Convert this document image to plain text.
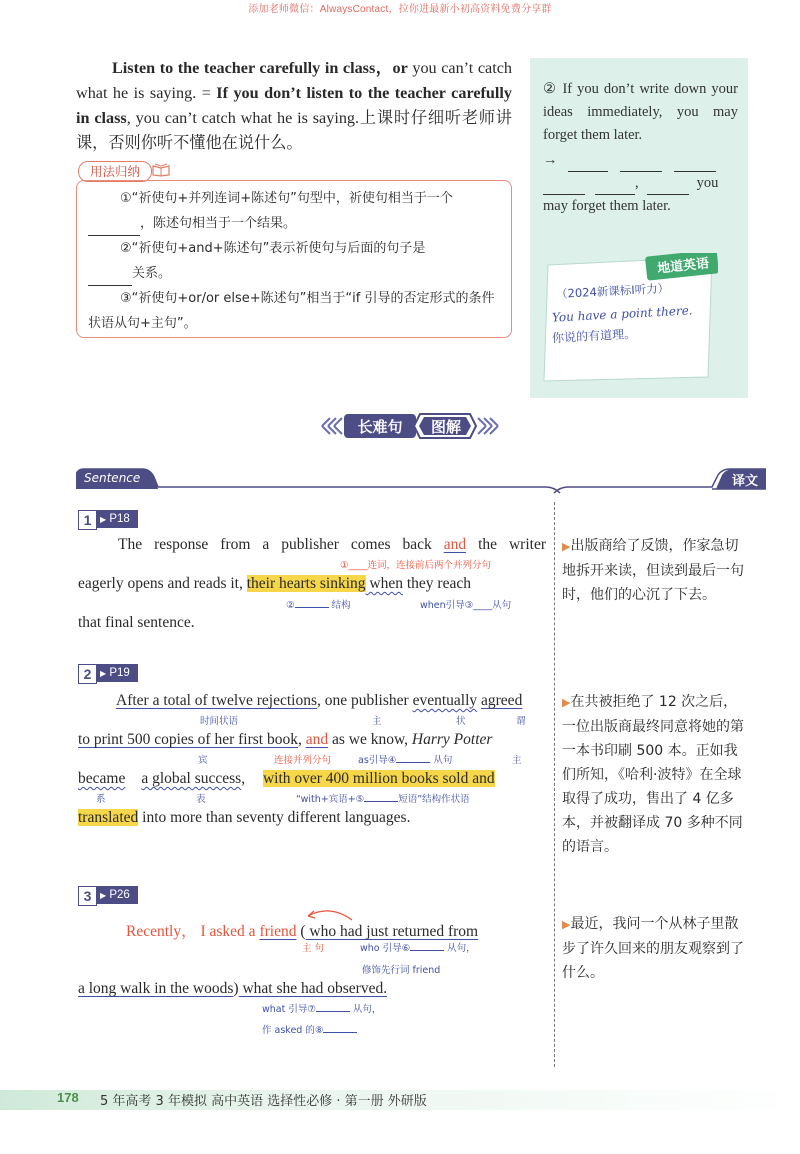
添加老师微信：AlwaysContact，拉你进最新小初高资料免费分享群
Listen to the teacher carefully in class，or you can’t catch what he is saying. = If you don’t listen to the teacher carefully in class, you can’t catch what he is saying.上课时仔细听老师讲课，否则你听不懂他在说什么。
用法归纳

①“祈使句+并列连词+陈述句”句型中，祈使句相当于一个，陈述句相当于一个结果。

②“祈使句+and+陈述句”表示祈使句与后面的句子是
关系。

③“祈使句+or/or else+陈述句”相当于“if 引导的否定形式的条件状语从句+主句”。

② If you don’t write down your ideas immediately, you may forget them later.

→

,	you

may forget them later.

地道英语
（2024新课标I听力）
You have a point there.
你说的有道理。
长难句	图解
Sentence	译文
1	▶ P18
The response from a publisher comes back and the writer
①____连词，连接前后两个并列分句
eagerly opens and reads it, their hearts sinking when they reach
②	结构	when引导③____从句
that final sentence.

▶出版商给了反馈，作家急切地拆开来读，但读到最后一句时，他们的心沉了下去。

2	▶ P19
After a total of twelve rejections, one publisher eventually agreed
时间状语	主	状	谓
to print 500 copies of her first book, and as we know, Harry Potter
宾	连接并列分句	as引导④	从句	主
became a global success, with over 400 million books sold and
系	表	“with+宾语+⑤	短语”结构作状语
translated into more than seventy different languages.

▶在共被拒绝了 12 次之后，一位出版商最终同意将她的第一本书印刷 500 本。正如我们所知，《哈利·波特》在全球取得了成功，售出了 4 亿多本，并被翻译成 70 多种不同的语言。

3	▶ P26
Recently， I asked a friend ( who had just returned from
主 句	who 引导⑥	从句，
修饰先行词 friend
a long walk in the woods) what she had observed.
what 引导⑦	从句，
作 asked 的⑧

▶最近，我问一个从林子里散步了许久回来的朋友观察到了什么。

178 5 年高考 3 年模拟 高中英语 选择性必修 · 第一册 外研版
